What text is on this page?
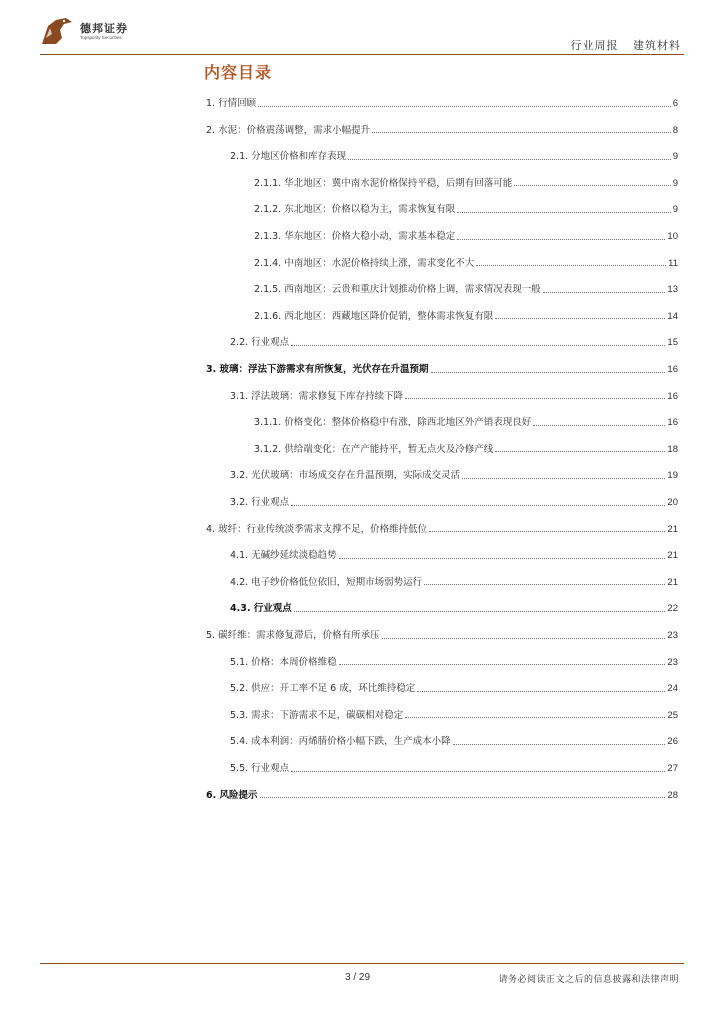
德邦证券
Topsperity Securities
行业周报 建筑材料
内容目录
1. 行情回顾	6
2. 水泥：价格震荡调整，需求小幅提升	8
2.1. 分地区价格和库存表现	9
2.1.1. 华北地区：冀中南水泥价格保持平稳，后期有回落可能	9
2.1.2. 东北地区：价格以稳为主，需求恢复有限	9
2.1.3. 华东地区：价格大稳小动，需求基本稳定	10
2.1.4. 中南地区：水泥价格持续上涨，需求变化不大	11
2.1.5. 西南地区：云贵和重庆计划推动价格上调，需求情况表现一般	13
2.1.6. 西北地区：西藏地区降价促销，整体需求恢复有限	14
2.2. 行业观点	15
3. 玻璃：浮法下游需求有所恢复，光伏存在升温预期	16
3.1. 浮法玻璃：需求修复下库存持续下降	16
3.1.1. 价格变化：整体价格稳中有涨，除西北地区外产销表现良好	16
3.1.2. 供给端变化：在产产能持平，暂无点火及冷修产线	18
3.2. 光伏玻璃：市场成交存在升温预期，实际成交灵活	19
3.2. 行业观点	20
4. 玻纤：行业传统淡季需求支撑不足，价格维持低位	21
4.1. 无碱纱延续淡稳趋势	21
4.2. 电子纱价格低位依旧，短期市场弱势运行	21
4.3. 行业观点	22
5. 碳纤维：需求修复滞后，价格有所承压	23
5.1. 价格：本周价格维稳	23
5.2. 供应：开工率不足 6 成，环比维持稳定	24
5.3. 需求：下游需求不足，碳碳相对稳定	25
5.4. 成本利润：丙烯腈价格小幅下跌，生产成本小降	26
5.5. 行业观点	27
6. 风险提示	28
3 / 29	请务必阅读正文之后的信息披露和法律声明
